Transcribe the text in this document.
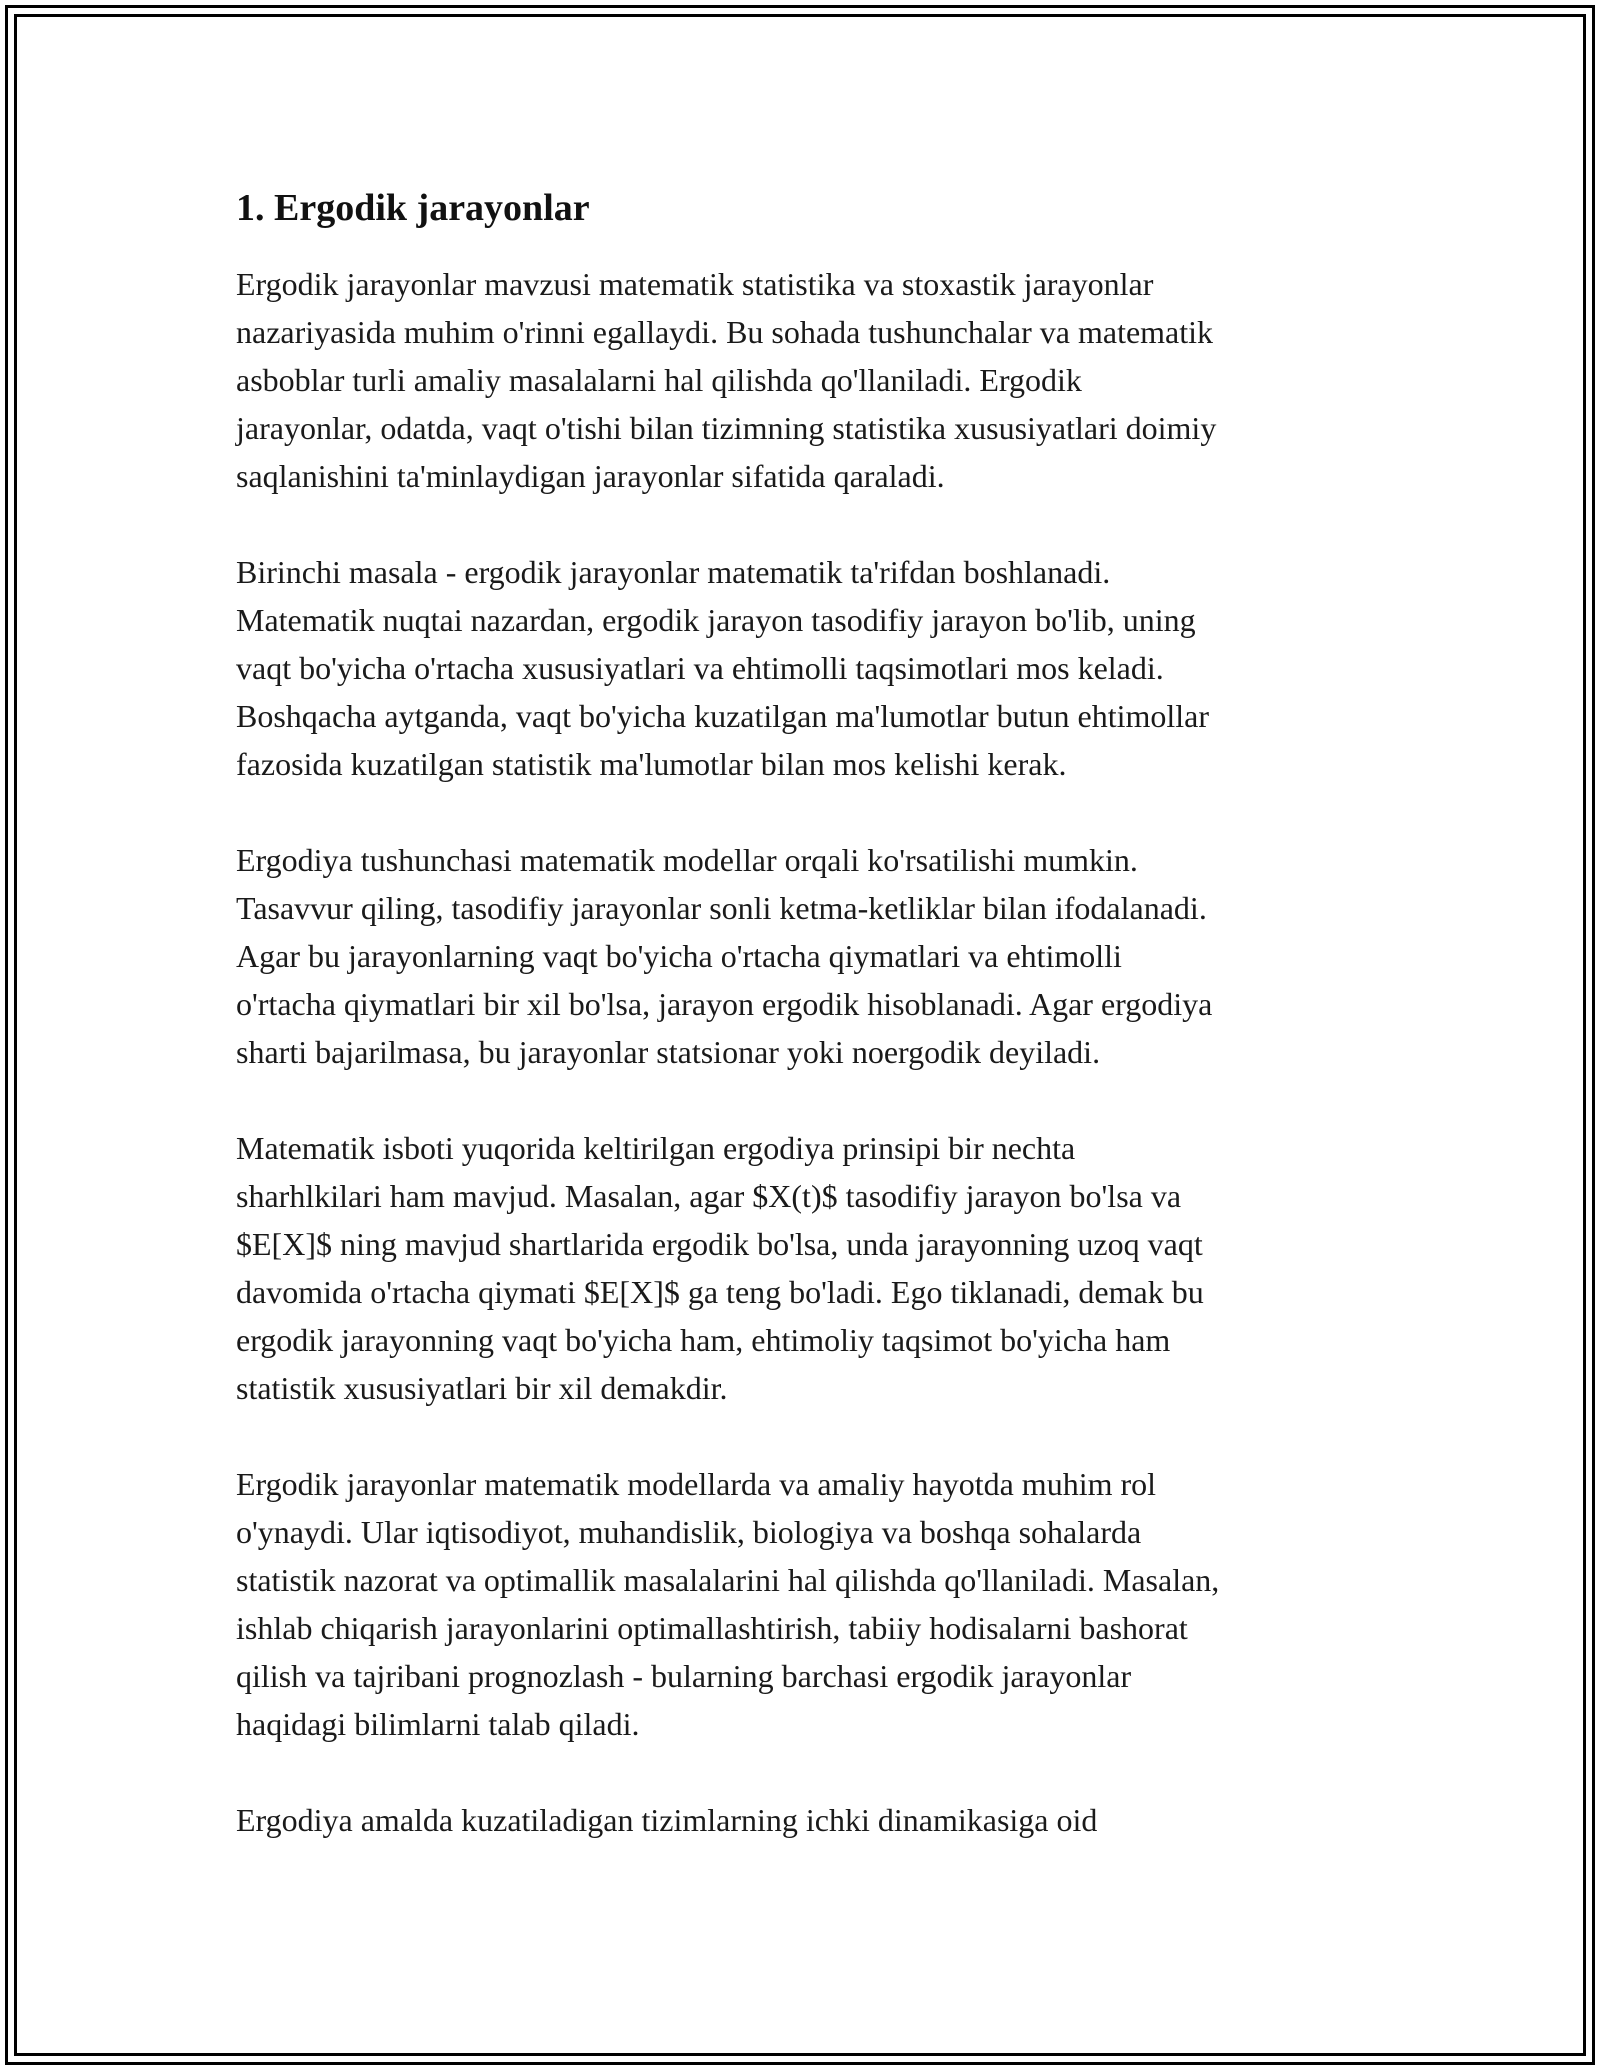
1. Ergodik jarayonlar

Ergodik jarayonlar mavzusi matematik statistika va stoxastik jarayonlar
nazariyasida muhim o'rinni egallaydi. Bu sohada tushunchalar va matematik
asboblar turli amaliy masalalarni hal qilishda qo'llaniladi. Ergodik
jarayonlar, odatda, vaqt o'tishi bilan tizimning statistika xususiyatlari doimiy
saqlanishini ta'minlaydigan jarayonlar sifatida qaraladi.

Birinchi masala - ergodik jarayonlar matematik ta'rifdan boshlanadi.
Matematik nuqtai nazardan, ergodik jarayon tasodifiy jarayon bo'lib, uning
vaqt bo'yicha o'rtacha xususiyatlari va ehtimolli taqsimotlari mos keladi.
Boshqacha aytganda, vaqt bo'yicha kuzatilgan ma'lumotlar butun ehtimollar
fazosida kuzatilgan statistik ma'lumotlar bilan mos kelishi kerak.

Ergodiya tushunchasi matematik modellar orqali ko'rsatilishi mumkin.
Tasavvur qiling, tasodifiy jarayonlar sonli ketma-ketliklar bilan ifodalanadi.
Agar bu jarayonlarning vaqt bo'yicha o'rtacha qiymatlari va ehtimolli
o'rtacha qiymatlari bir xil bo'lsa, jarayon ergodik hisoblanadi. Agar ergodiya
sharti bajarilmasa, bu jarayonlar statsionar yoki noergodik deyiladi.

Matematik isboti yuqorida keltirilgan ergodiya prinsipi bir nechta
sharhlkilari ham mavjud. Masalan, agar $X(t)$ tasodifiy jarayon bo'lsa va
$E[X]$ ning mavjud shartlarida ergodik bo'lsa, unda jarayonning uzoq vaqt
davomida o'rtacha qiymati $E[X]$ ga teng bo'ladi. Ego tiklanadi, demak bu
ergodik jarayonning vaqt bo'yicha ham, ehtimoliy taqsimot bo'yicha ham
statistik xususiyatlari bir xil demakdir.

Ergodik jarayonlar matematik modellarda va amaliy hayotda muhim rol
o'ynaydi. Ular iqtisodiyot, muhandislik, biologiya va boshqa sohalarda
statistik nazorat va optimallik masalalarini hal qilishda qo'llaniladi. Masalan,
ishlab chiqarish jarayonlarini optimallashtirish, tabiiy hodisalarni bashorat
qilish va tajribani prognozlash - bularning barchasi ergodik jarayonlar
haqidagi bilimlarni talab qiladi.

Ergodiya amalda kuzatiladigan tizimlarning ichki dinamikasiga oid
